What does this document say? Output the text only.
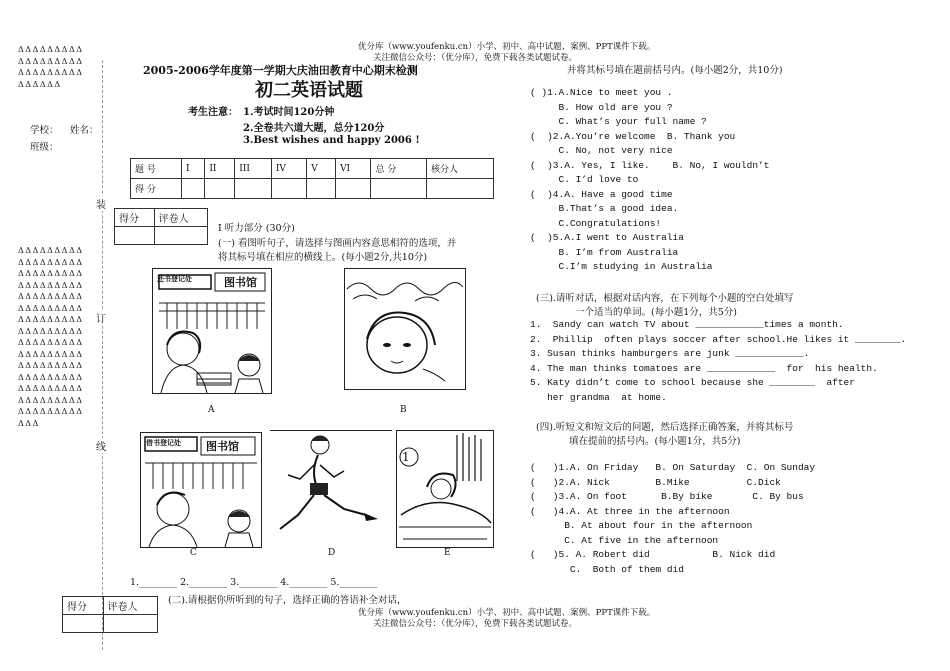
优分库（www.youfenku.cn）小学、初中、高中试题、案例、PPT课件下载。
关注微信公众号：（优分库），免费下载各类试题试卷。
ΔΔΔΔΔΔΔΔΔΔΔΔΔΔΔΔΔΔΔΔΔΔΔΔΔΔΔΔΔΔΔΔΔ
学校： 姓名：
班级：
ΔΔΔΔΔΔΔΔΔΔΔΔΔΔΔΔΔΔΔΔΔΔΔΔΔΔΔΔΔΔΔΔΔΔΔΔΔΔΔΔΔΔΔΔΔΔΔΔΔΔΔΔΔΔΔΔΔΔΔΔΔΔΔΔΔΔΔΔΔΔΔΔΔΔΔΔΔΔΔΔΔΔΔΔΔΔΔΔΔΔΔΔΔΔΔΔΔΔΔΔΔΔΔΔΔΔΔΔΔΔΔΔΔΔΔΔΔΔΔΔΔΔΔΔΔΔΔΔΔΔΔΔΔΔΔΔΔΔ
装
订
线
2005-2006学年度第一学期大庆油田教育中心期末检测
初二英语试题
考生注意： 1.考试时间120分钟
2.全卷共六道大题，总分120分
3.Best wishes and happy 2006 !
题 号	I	II	III	IV	V	VI	总 分	核分人
得 分								
得分	评卷人

I 听力部分 (30分)
(一) 看图听句子，请选择与图画内容意思相符的选项，并
将其标号填在相应的横线上。(每小题2分,共10分)
还书登记处	图书馆
A	B
借书登记处 图书馆
C	D
1
E
1.________ 2.________ 3.________ 4.________ 5.________
得分	评卷人

(二).请根据你所听到的句子，选择正确的答语补全对话，
优分库（www.youfenku.cn）小学、初中、高中试题、案例、PPT课件下载。
关注微信公众号：（优分库），免费下载各类试题试卷。
并将其标号填在题前括号内。(每小题2分，共10分)
( )1.A.Nice to meet you .
B. How old are you ?
C. What’s your full name ?
(  )2.A.You’re welcome  B. Thank you
C. No, not very nice
(  )3.A. Yes, I like.    B. No, I wouldn’t
C. I’d love to
(  )4.A. Have a good time
B.That’s a good idea.
C.Congratulations!
(  )5.A.I went to Australia
B. I’m from Australia
C.I’m studying in Australia
(三).请听对话，根据对话内容，在下列每个小题的空白处填写
一个适当的单词。(每小题1分，共5分)
1.  Sandy can watch TV about ____________times a month.
2.  Phillip  often plays soccer after school.He likes it ________.
3. Susan thinks hamburgers are junk ____________.
4. The man thinks tomatoes are ____________  for  his health.
5. Katy didn’t come to school because she ________  after
her grandma  at home.
(四).听短文和短文后的问题，然后选择正确答案，并将其标号
填在提前的括号内。(每小题1分，共5分)
(   )1.A. On Friday   B. On Saturday  C. On Sunday
(   )2.A. Nick        B.Mike          C.Dick
(   )3.A. On foot      B.By bike       C. By bus
(   )4.A. At three in the afternoon
B. At about four in the afternoon
C. At five in the afternoon
(   )5. A. Robert did           B. Nick did
C.  Both of them did
